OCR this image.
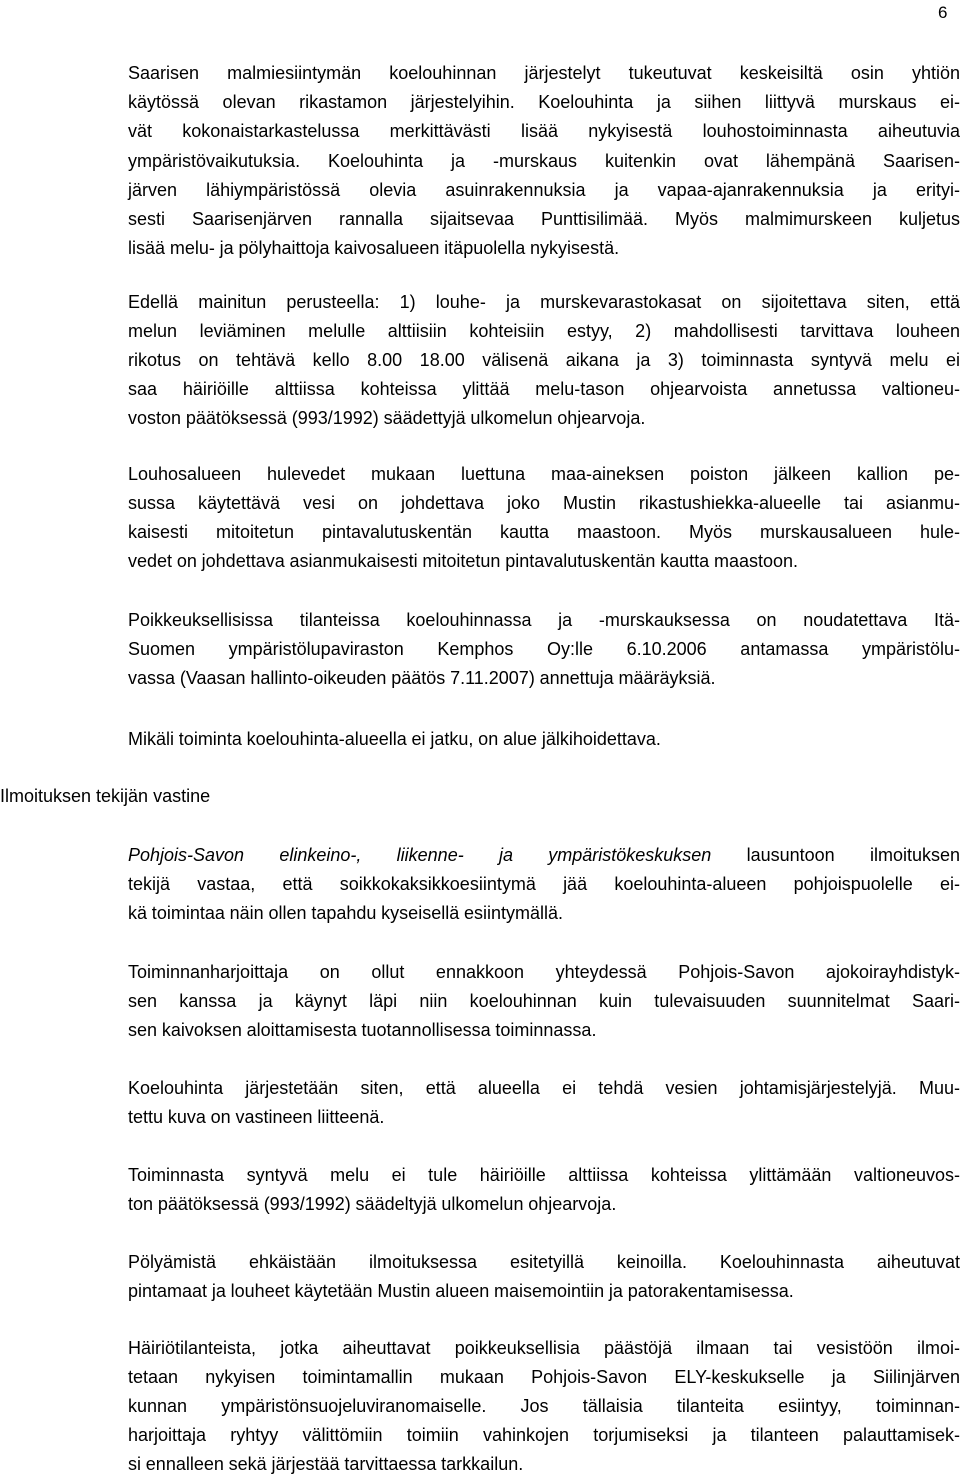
6
Ilmoituksen tekijän vastine
Saarisen malmiesiintymän koelouhinnan järjestelyt tukeutuvat keskeisiltä osin yhtiön
käytössä olevan rikastamon järjestelyihin. Koelouhinta ja siihen liittyvä murskaus ei-
vät kokonaistarkastelussa merkittävästi lisää nykyisestä louhostoiminnasta aiheutuvia
ympäristövaikutuksia. Koelouhinta ja -murskaus kuitenkin ovat lähempänä Saarisen-
järven lähiympäristössä olevia asuinrakennuksia ja vapaa-ajanrakennuksia ja erityi-
sesti Saarisenjärven rannalla sijaitsevaa Punttisilimää. Myös malmimurskeen kuljetus
lisää melu- ja pölyhaittoja kaivosalueen itäpuolella nykyisestä.
Edellä mainitun perusteella: 1) louhe- ja murskevarastokasat on sijoitettava siten, että
melun leviäminen melulle alttiisiin kohteisiin estyy, 2) mahdollisesti tarvittava louheen
rikotus on tehtävä kello 8.00 18.00 välisenä aikana ja 3) toiminnasta syntyvä melu ei
saa häiriöille alttiissa kohteissa ylittää melu-tason ohjearvoista annetussa valtioneu-
voston päätöksessä (993/1992) säädettyjä ulkomelun ohjearvoja.
Louhosalueen hulevedet mukaan luettuna maa-aineksen poiston jälkeen kallion pe-
sussa käytettävä vesi on johdettava joko Mustin rikastushiekka-alueelle tai asianmu-
kaisesti mitoitetun pintavalutuskentän kautta maastoon. Myös murskausalueen hule-
vedet on johdettava asianmukaisesti mitoitetun pintavalutuskentän kautta maastoon.
Poikkeuksellisissa tilanteissa koelouhinnassa ja -murskauksessa on noudatettava Itä-
Suomen ympäristölupaviraston Kemphos Oy:lle 6.10.2006 antamassa ympäristölu-
vassa (Vaasan hallinto-oikeuden päätös 7.11.2007) annettuja määräyksiä.
Mikäli toiminta koelouhinta-alueella ei jatku, on alue jälkihoidettava.
Pohjois-Savon elinkeino-, liikenne- ja ympäristökeskuksen lausuntoon ilmoituksen
tekijä vastaa, että soikkokaksikkoesiintymä jää koelouhinta-alueen pohjoispuolelle ei-
kä toimintaa näin ollen tapahdu kyseisellä esiintymällä.
Toiminnanharjoittaja on ollut ennakkoon yhteydessä Pohjois-Savon ajokoirayhdistyk-
sen kanssa ja käynyt läpi niin koelouhinnan kuin tulevaisuuden suunnitelmat Saari-
sen kaivoksen aloittamisesta tuotannollisessa toiminnassa.
Koelouhinta järjestetään siten, että alueella ei tehdä vesien johtamisjärjestelyjä. Muu-
tettu kuva on vastineen liitteenä.
Toiminnasta syntyvä melu ei tule häiriöille alttiissa kohteissa ylittämään valtioneuvos-
ton päätöksessä (993/1992) säädeltyjä ulkomelun ohjearvoja.
Pölyämistä ehkäistään ilmoituksessa esitetyillä keinoilla. Koelouhinnasta aiheutuvat
pintamaat ja louheet käytetään Mustin alueen maisemointiin ja patorakentamisessa.
Häiriötilanteista, jotka aiheuttavat poikkeuksellisia päästöjä ilmaan tai vesistöön ilmoi-
tetaan nykyisen toimintamallin mukaan Pohjois-Savon ELY-keskukselle ja Siilinjärven
kunnan ympäristönsuojeluviranomaiselle. Jos tällaisia tilanteita esiintyy, toiminnan-
harjoittaja ryhtyy välittömiin toimiin vahinkojen torjumiseksi ja tilanteen palauttamisek-
si ennalleen sekä järjestää tarvittaessa tarkkailun.
